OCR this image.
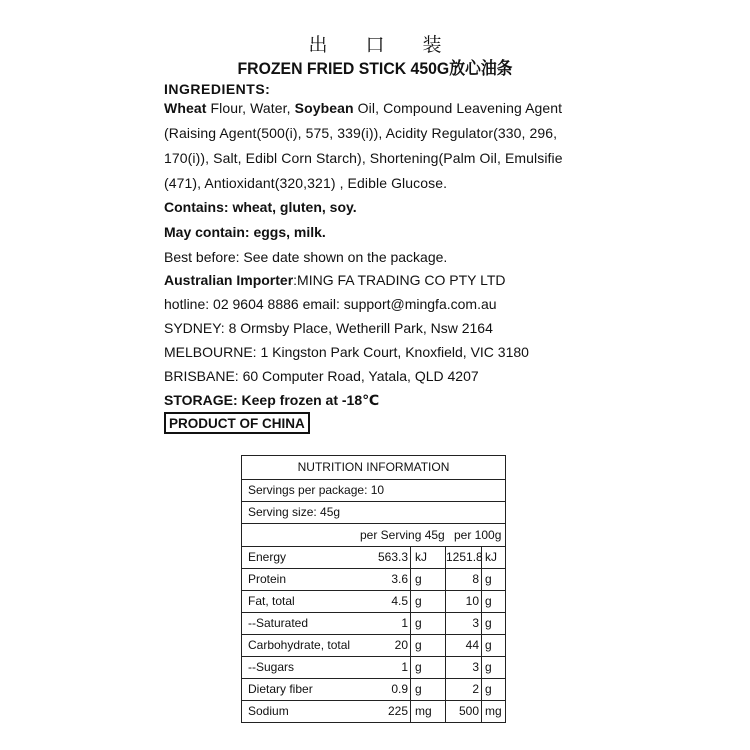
出口装
FROZEN FRIED STICK 450G放心油条
INGREDIENTS:
Wheat Flour, Water, Soybean Oil, Compound Leavening Agent (Raising Agent(500(i), 575, 339(i)), Acidity Regulator(330, 296, 170(i)), Salt, Edibl Corn Starch), Shortening(Palm Oil, Emulsifie (471), Antioxidant(320,321) , Edible Glucose.
Contains: wheat, gluten, soy.
May contain: eggs, milk.
Best before: See date shown on the package.
Australian Importer:MING FA TRADING CO PTY LTD
hotline: 02 9604 8886 email: support@mingfa.com.au
SYDNEY: 8 Ormsby Place, Wetherill Park, Nsw 2164
MELBOURNE: 1 Kingston Park Court, Knoxfield, VIC 3180
BRISBANE: 60 Computer Road, Yatala, QLD 4207
STORAGE: Keep frozen at -18℃
PRODUCT OF CHINA
NUTRITION INFORMATION
Servings per package: 10
Serving size: 45g
per Serving 45g per 100g
Energy	563.3 kJ	1251.8 kJ
Protein	3.6 g	8 g
Fat, total	4.5 g	10 g
--Saturated	1 g	3 g
Carbohydrate, total	20 g	44 g
--Sugars	1 g	3 g
Dietary fiber	0.9 g	2 g
Sodium	225 mg	500 mg
